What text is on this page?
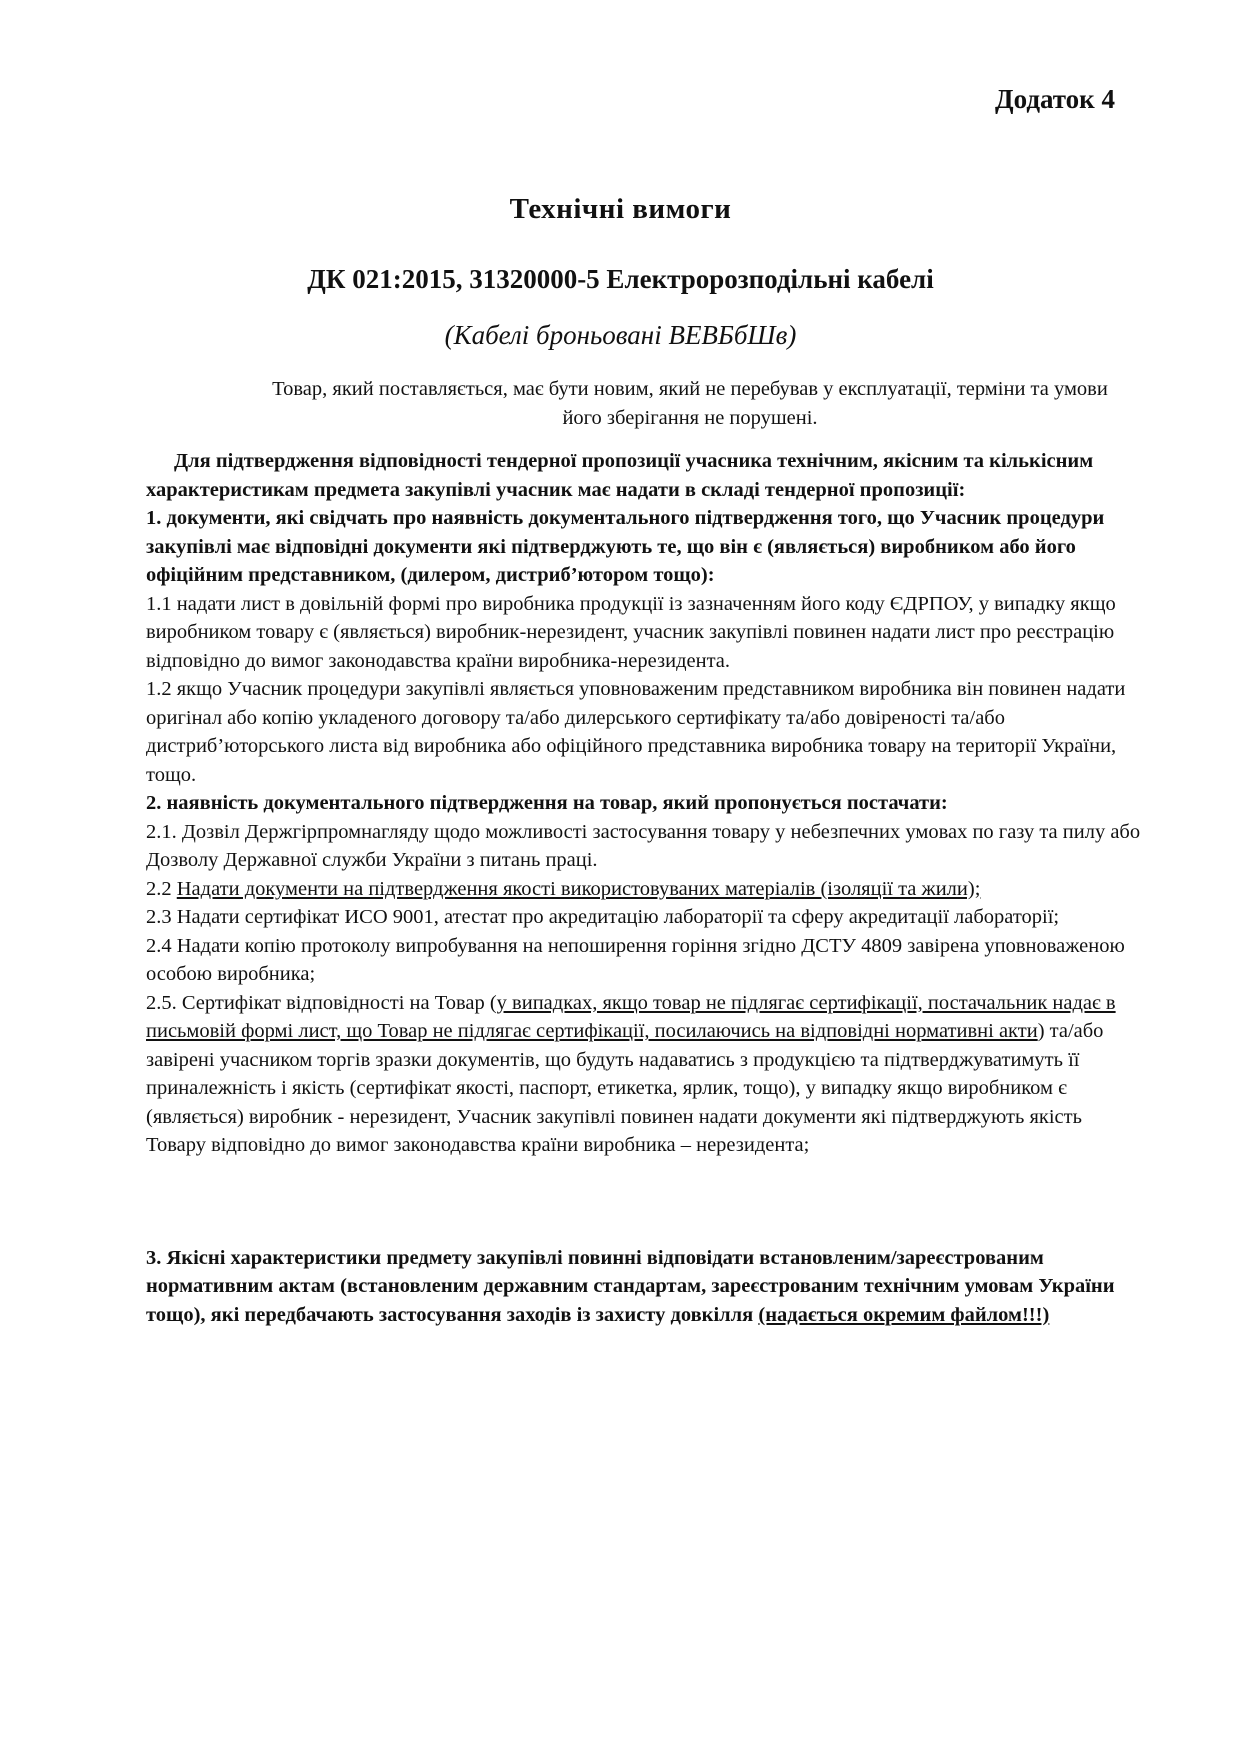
Додаток 4
Технічні вимоги
ДК 021:2015, 31320000-5 Електророзподільні кабелі
(Кабелі броньовані ВЕВБбШв)
Товар, який поставляється, має бути новим, який не перебував у експлуатації, терміни та умови його зберігання не порушені.

Для підтвердження відповідності тендерної пропозиції учасника технічним, якісним та кількісним характеристикам предмета закупівлі учасник має надати в складі тендерної пропозиції:

1. документи, які свідчать про наявність документального підтвердження того, що Учасник процедури закупівлі має відповідні документи які підтверджують те, що він є (являється) виробником або його офіційним представником, (дилером, дистриб’ютором тощо):

1.1 надати лист в довільній формі про виробника продукції із зазначенням його коду ЄДРПОУ, у випадку якщо виробником товару є (являється) виробник-нерезидент, учасник закупівлі повинен надати лист про реєстрацію відповідно до вимог законодавства країни виробника-нерезидента.

1.2 якщо Учасник процедури закупівлі являється уповноваженим представником виробника він повинен надати оригінал або копію укладеного договору та/або дилерського сертифікату та/або довіреності та/або дистриб’юторського листа від виробника або офіційного представника виробника товару на території України, тощо.

2. наявність документального підтвердження на товар, який пропонується постачати:

2.1. Дозвіл Держгірпромнагляду щодо можливості застосування товару у небезпечних умовах по газу та пилу або Дозволу Державної служби України з питань праці.

2.2 Надати документи на підтвердження якості використовуваних матеріалів (ізоляції та жили);

2.3 Надати сертифікат ИСО 9001, атестат про акредитацію лабораторії та сферу акредитації лабораторії;

2.4 Надати копію протоколу випробування на непоширення горіння згідно ДСТУ 4809 завірена уповноваженою особою виробника;

2.5. Сертифікат відповідності на Товар (у випадках, якщо товар не підлягає сертифікації, постачальник надає в письмовій формі лист, що Товар не підлягає сертифікації, посилаючись на відповідні нормативні акти) та/або завірені учасником торгів зразки документів, що будуть надаватись з продукцією та підтверджуватимуть її приналежність і якість (сертифікат якості, паспорт, етикетка, ярлик, тощо), у випадку якщо виробником є (являється) виробник - нерезидент, Учасник закупівлі повинен надати документи які підтверджують якість Товару відповідно до вимог законодавства країни виробника – нерезидента;

3. Якісні характеристики предмету закупівлі повинні відповідати встановленим/зареєстрованим нормативним актам (встановленим державним стандартам, зареєстрованим технічним умовам України тощо), які передбачають застосування заходів із захисту довкілля (надається окремим файлом!!!)
